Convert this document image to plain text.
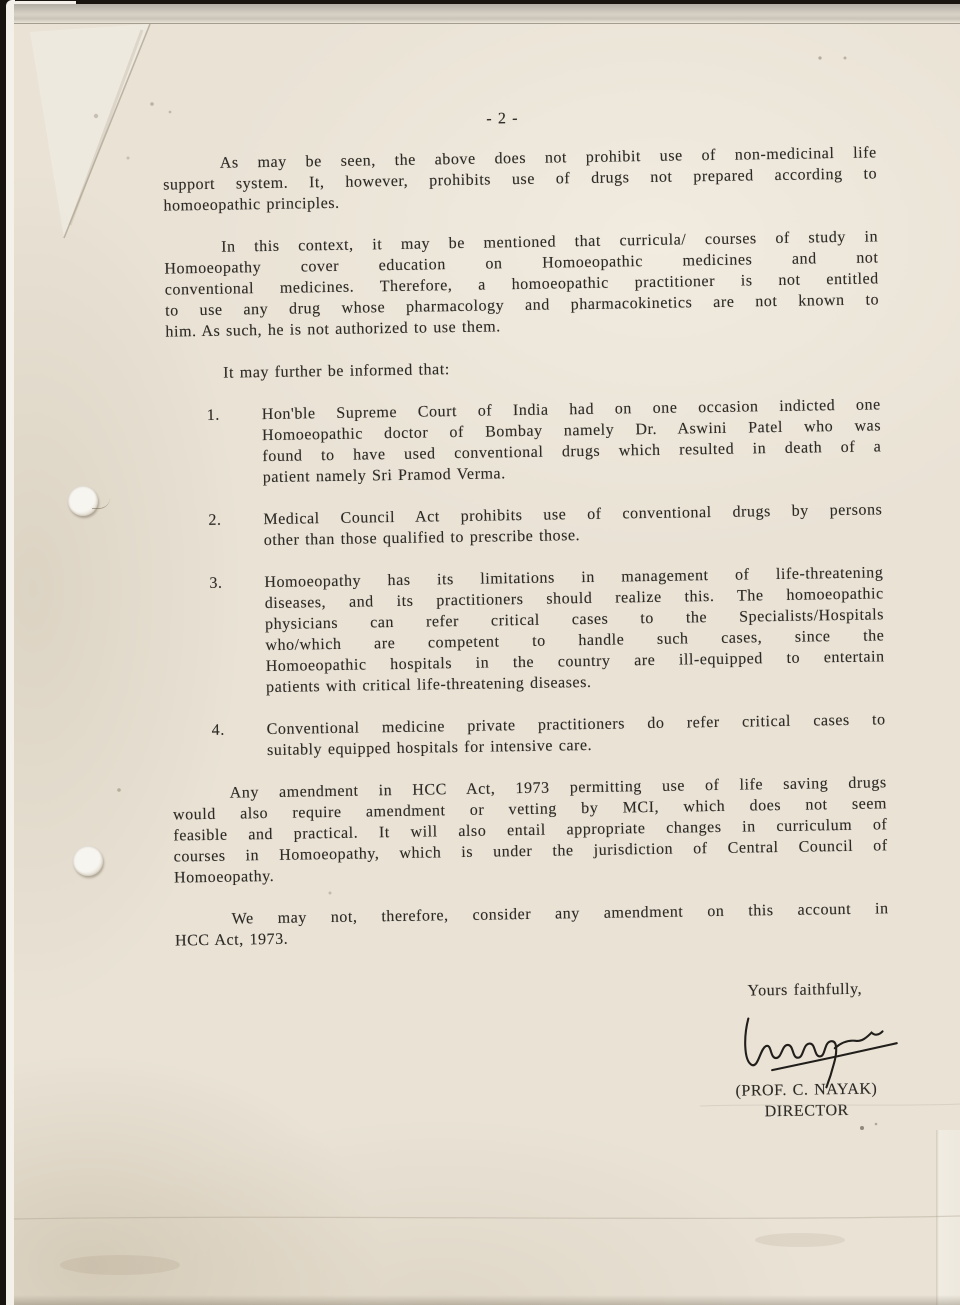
- 2 -
As may be seen, the above does not prohibit use of non-medicinal life
support system. It, however, prohibits use of drugs not prepared according to
homoeopathic principles.
In this context, it may be mentioned that curricula/ courses of study in
Homoeopathy cover education on Homoeopathic medicines and not
conventional medicines. Therefore, a homoeopathic practitioner is not entitled
to use any drug whose pharmacology and pharmacokinetics are not known to
him. As such, he is not authorized to use them.
It may further be informed that:
1.	Hon'ble Supreme Court of India had on one occasion indicted one
Homoeopathic doctor of Bombay namely Dr. Aswini Patel who was
found to have used conventional drugs which resulted in death of a
patient namely Sri Pramod Verma.
2.	Medical Council Act prohibits use of conventional drugs by persons
other than those qualified to prescribe those.
3.	Homoeopathy has its limitations in management of life-threatening
diseases, and its practitioners should realize this. The homoeopathic
physicians can refer critical cases to the Specialists/Hospitals
who/which are competent to handle such cases, since the
Homoeopathic hospitals in the country are ill-equipped to entertain
patients with critical life-threatening diseases.
4.	Conventional medicine private practitioners do refer critical cases to
suitably equipped hospitals for intensive care.
Any amendment in HCC Act, 1973 permitting use of life saving drugs
would also require amendment or vetting by MCI, which does not seem
feasible and practical. It will also entail appropriate changes in curriculum of
courses in Homoeopathy, which is under the jurisdiction of Central Council of
Homoeopathy.
We may not, therefore, consider any amendment on this account in
HCC Act, 1973.
Yours faithfully,
(PROF. C. NAYAK)
DIRECTOR
